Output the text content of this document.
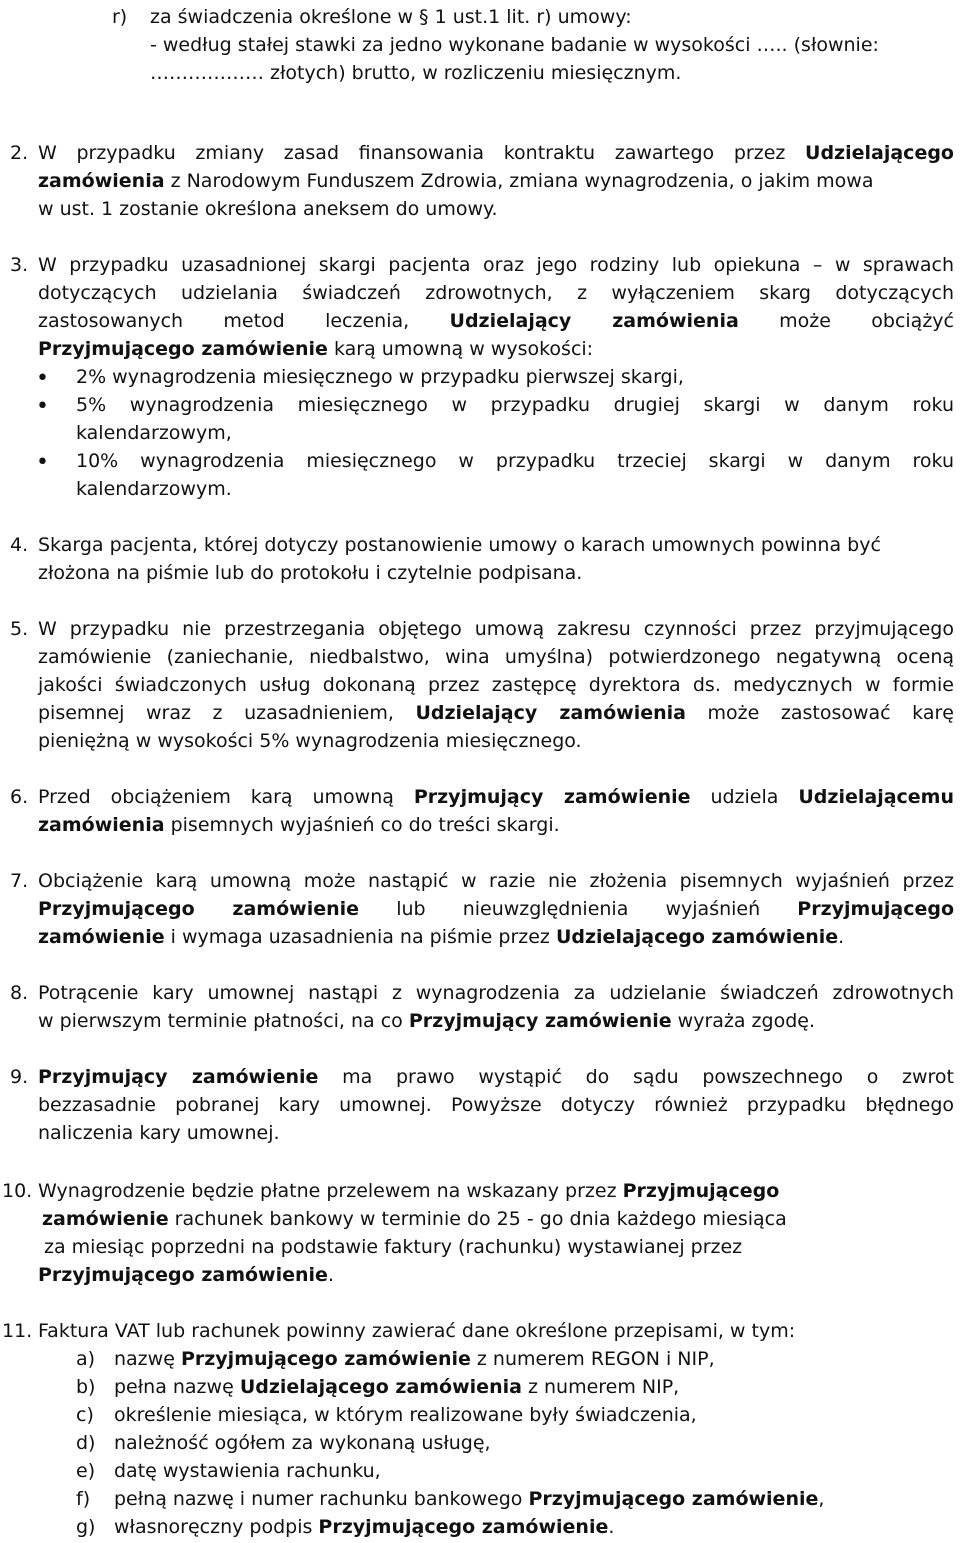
r) za świadczenia określone w § 1 ust.1 lit. r) umowy:
- według stałej stawki za jedno wykonane badanie w wysokości ….. (słownie:
……………… złotych) brutto, w rozliczeniu miesięcznym.
2. W przypadku zmiany zasad finansowania kontraktu zawartego przez Udzielającego
zamówienia z Narodowym Funduszem Zdrowia, zmiana wynagrodzenia, o jakim mowa
w ust. 1 zostanie określona aneksem do umowy.
3. W przypadku uzasadnionej skargi pacjenta oraz jego rodziny lub opiekuna – w sprawach
dotyczących udzielania świadczeń zdrowotnych, z wyłączeniem skarg dotyczących
zastosowanych metod leczenia, Udzielający zamówienia może obciążyć
Przyjmującego zamówienie karą umowną w wysokości:
• 2% wynagrodzenia miesięcznego w przypadku pierwszej skargi,
• 5% wynagrodzenia miesięcznego w przypadku drugiej skargi w danym roku
kalendarzowym,
• 10% wynagrodzenia miesięcznego w przypadku trzeciej skargi w danym roku
kalendarzowym.
4. Skarga pacjenta, której dotyczy postanowienie umowy o karach umownych powinna być
złożona na piśmie lub do protokołu i czytelnie podpisana.
5. W przypadku nie przestrzegania objętego umową zakresu czynności przez przyjmującego
zamówienie (zaniechanie, niedbalstwo, wina umyślna) potwierdzonego negatywną oceną
jakości świadczonych usług dokonaną przez zastępcę dyrektora ds. medycznych w formie
pisemnej wraz z uzasadnieniem, Udzielający zamówienia może zastosować karę
pieniężną w wysokości 5% wynagrodzenia miesięcznego.
6. Przed obciążeniem karą umowną Przyjmujący zamówienie udziela Udzielającemu
zamówienia pisemnych wyjaśnień co do treści skargi.
7. Obciążenie karą umowną może nastąpić w razie nie złożenia pisemnych wyjaśnień przez
Przyjmującego zamówienie lub nieuwzględnienia wyjaśnień Przyjmującego
zamówienie i wymaga uzasadnienia na piśmie przez Udzielającego zamówienie.
8. Potrącenie kary umownej nastąpi z wynagrodzenia za udzielanie świadczeń zdrowotnych
w pierwszym terminie płatności, na co Przyjmujący zamówienie wyraża zgodę.
9. Przyjmujący zamówienie ma prawo wystąpić do sądu powszechnego o zwrot
bezzasadnie pobranej kary umownej. Powyższe dotyczy również przypadku błędnego
naliczenia kary umownej.
10. Wynagrodzenie będzie płatne przelewem na wskazany przez Przyjmującego
zamówienie rachunek bankowy w terminie do 25 - go dnia każdego miesiąca
za miesiąc poprzedni na podstawie faktury (rachunku) wystawianej przez
Przyjmującego zamówienie.
11. Faktura VAT lub rachunek powinny zawierać dane określone przepisami, w tym:
a) nazwę Przyjmującego zamówienie z numerem REGON i NIP,
b) pełna nazwę Udzielającego zamówienia z numerem NIP,
c) określenie miesiąca, w którym realizowane były świadczenia,
d) należność ogółem za wykonaną usługę,
e) datę wystawienia rachunku,
f) pełną nazwę i numer rachunku bankowego Przyjmującego zamówienie,
g) własnoręczny podpis Przyjmującego zamówienie.
